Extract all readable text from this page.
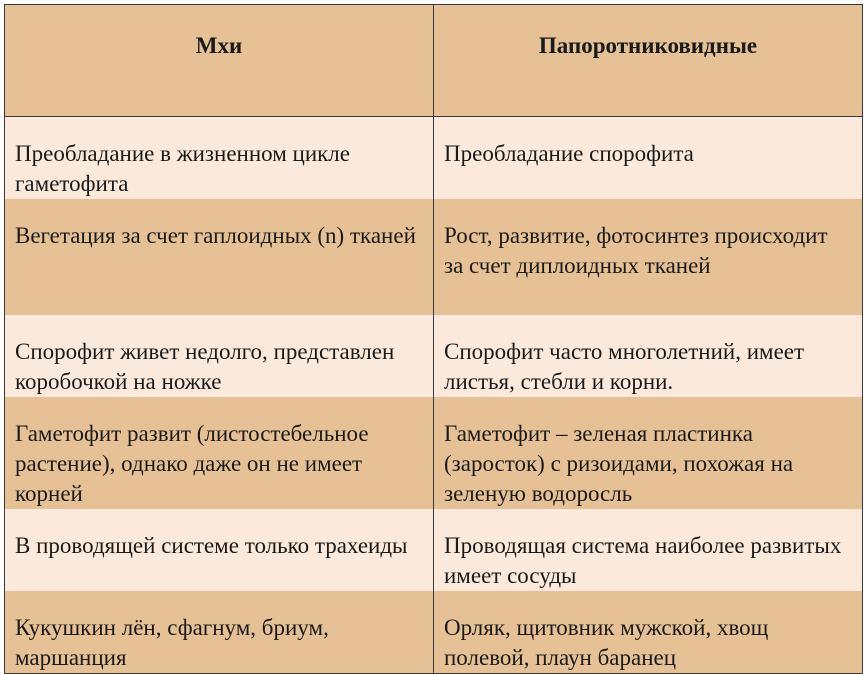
Мхи	Папоротниковидные
Преобладание в жизненном цикле гаметофита	Преобладание спорофита
Вегетация за счет гаплоидных (n) тканей	Рост, развитие, фотосинтез происходит за счет диплоидных тканей
Спорофит живет недолго, представлен коробочкой на ножке	Спорофит часто многолетний, имеет листья, стебли и корни.
Гаметофит развит (листостебельное растение), однако даже он не имеет корней	Гаметофит – зеленая пластинка (заросток) с ризоидами, похожая на зеленую водоросль
В проводящей системе только трахеиды	Проводящая система наиболее развитых имеет сосуды
Кукушкин лён, сфагнум, бриум, маршанция	Орляк, щитовник мужской, хвощ полевой, плаун баранец
